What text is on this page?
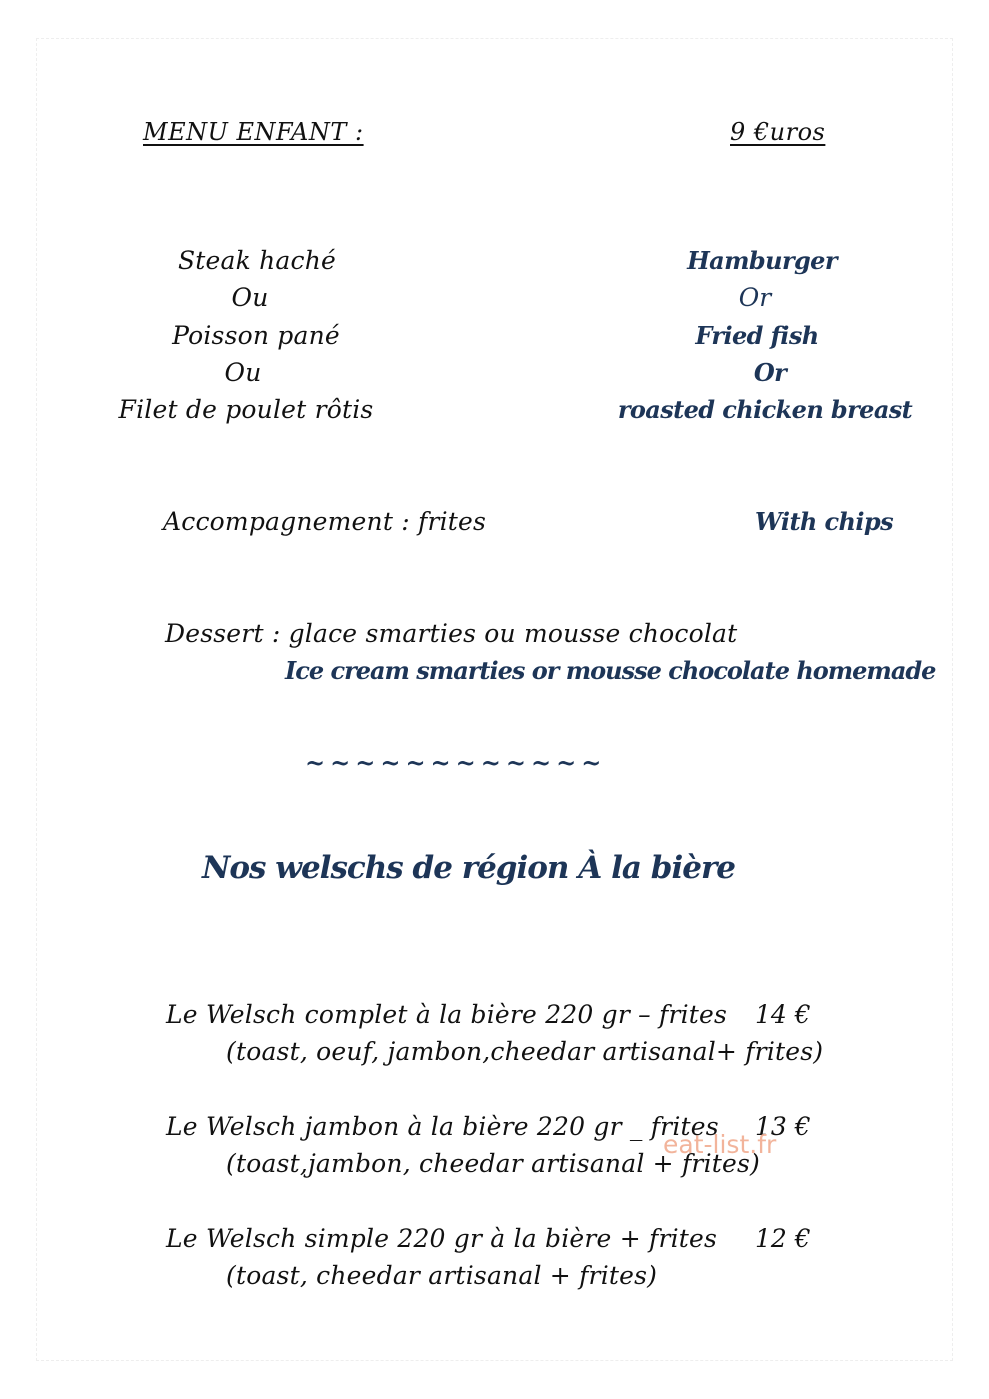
MENU ENFANT :	9 €uros
Steak haché
Ou
Poisson pané
Ou
Filet de poulet rôtis
Hamburger
Or
Fried fish
Or
roasted chicken breast
Accompagnement : frites	With chips
Dessert : glace smarties ou mousse chocolat
Ice cream smarties or mousse chocolate homemade
~~~~~~~~~~~~
Nos welschs de région À la bière
Le Welsch complet à la bière 220 gr – frites 14 €
(toast, oeuf, jambon,cheedar artisanal+ frites)
Le Welsch jambon à la bière 220 gr _ frites 13 €
(toast,jambon, cheedar artisanal + frites)
Le Welsch simple 220 gr à la bière + frites 12 €
(toast, cheedar artisanal + frites)
eat-list.fr
